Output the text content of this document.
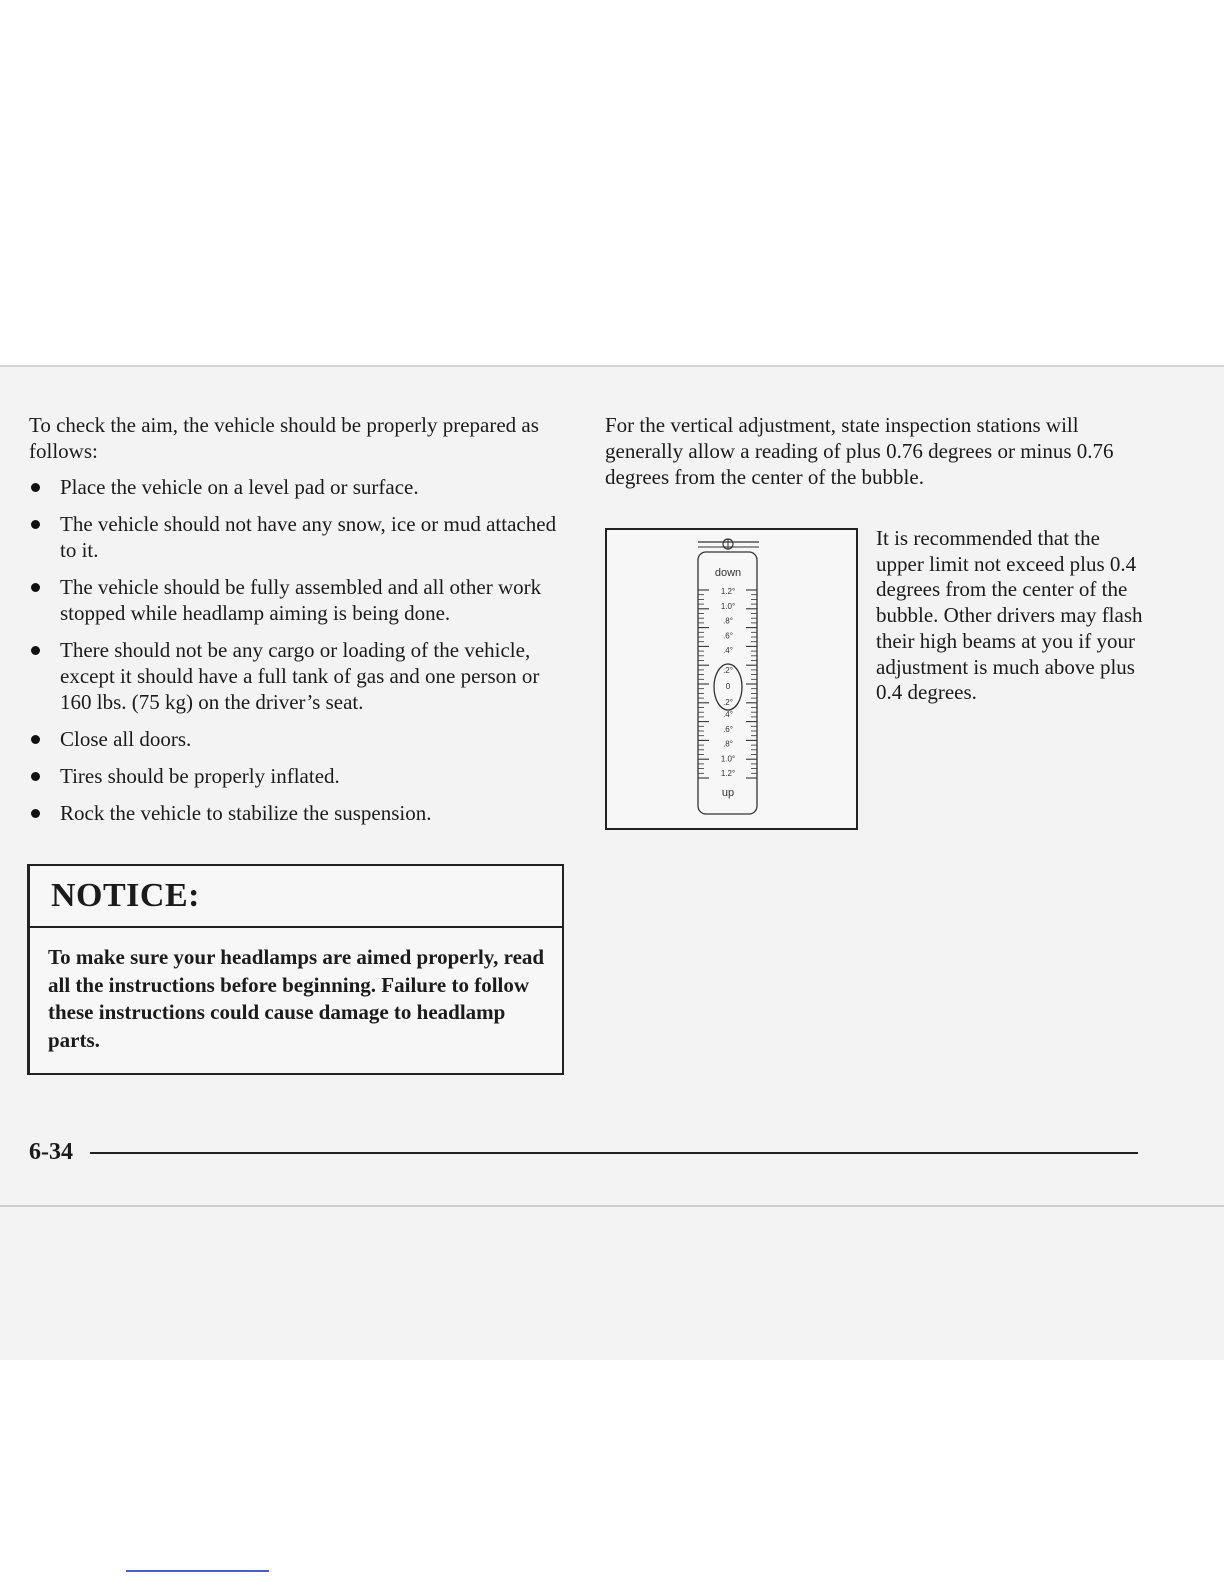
To check the aim, the vehicle should be properly prepared as follows:

Place the vehicle on a level pad or surface.
The vehicle should not have any snow, ice or mud attached to it.
The vehicle should be fully assembled and all other work stopped while headlamp aiming is being done.
There should not be any cargo or loading of the vehicle, except it should have a full tank of gas and one person or 160 lbs. (75 kg) on the driver’s seat.
Close all doors.
Tires should be properly inflated.
Rock the vehicle to stabilize the suspension.
NOTICE:
To make sure your headlamps are aimed properly, read all the instructions before beginning. Failure to follow these instructions could cause damage to headlamp parts.

For the vertical adjustment, state inspection stations will generally allow a reading of plus 0.76 degrees or minus 0.76 degrees from the center of the bubble.

down
up
1.2°
1.0°
.8°
.6°
.4°
.2°
0
.2°
.4°
.6°
.8°
1.0°
1.2°

It is recommended that the upper limit not exceed plus 0.4 degrees from the center of the bubble. Other drivers may flash their high beams at you if your adjustment is much above plus 0.4 degrees.

6-34
